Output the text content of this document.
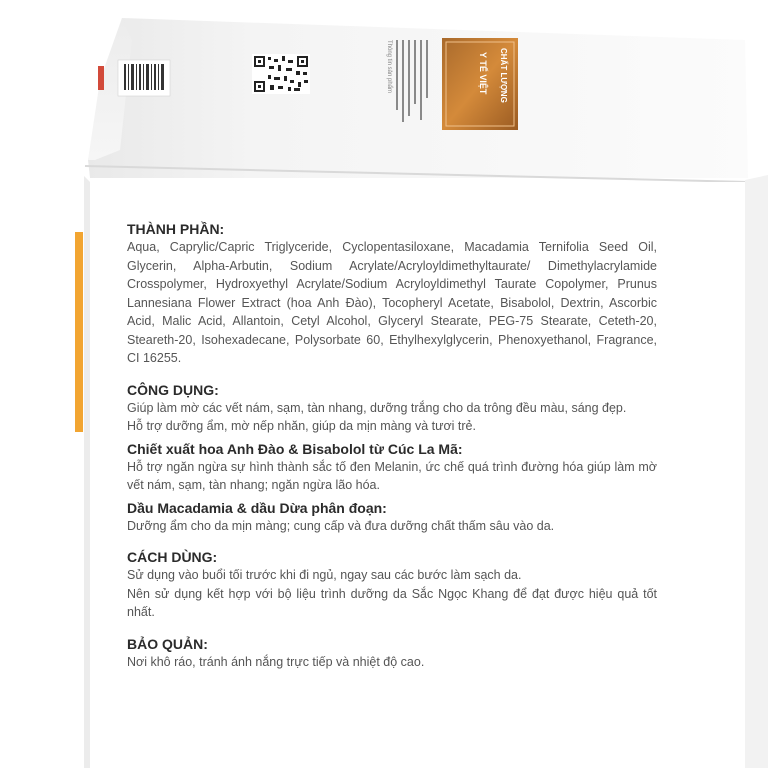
CHẤT LƯỢNG
Y TẾ VIỆT
Thông tin sản phẩm

THÀNH PHẦN:

Aqua, Caprylic/Capric Triglyceride, Cyclopentasiloxane, Macadamia Ternifolia Seed Oil, Glycerin, Alpha-Arbutin, Sodium Acrylate/Acryloyldimethyltaurate/ Dimethylacrylamide Crosspolymer, Hydroxyethyl Acrylate/Sodium Acryloyldimethyl Taurate Copolymer, Prunus Lannesiana Flower Extract (hoa Anh Đào), Tocopheryl Acetate, Bisabolol, Dextrin, Ascorbic Acid, Malic Acid, Allantoin, Cetyl Alcohol, Glyceryl Stearate, PEG-75 Stearate, Ceteth-20, Steareth-20, Isohexadecane, Polysorbate 60, Ethylhexylglycerin, Phenoxyethanol, Fragrance, CI 16255.

CÔNG DỤNG:

Giúp làm mờ các vết nám, sạm, tàn nhang, dưỡng trắng cho da trông đều màu, sáng đẹp.

Hỗ trợ dưỡng ẩm, mờ nếp nhăn, giúp da mịn màng và tươi trẻ.

Chiết xuất hoa Anh Đào & Bisabolol từ Cúc La Mã:

Hỗ trợ ngăn ngừa sự hình thành sắc tố đen Melanin, ức chế quá trình đường hóa giúp làm mờ vết nám, sạm, tàn nhang; ngăn ngừa lão hóa.

Dầu Macadamia & dầu Dừa phân đoạn:

Dưỡng ẩm cho da mịn màng; cung cấp và đưa dưỡng chất thấm sâu vào da.

CÁCH DÙNG:

Sử dụng vào buổi tối trước khi đi ngủ, ngay sau các bước làm sạch da.

Nên sử dụng kết hợp với bộ liệu trình dưỡng da Sắc Ngọc Khang để đạt được hiệu quả tốt nhất.

BẢO QUẢN:

Nơi khô ráo, tránh ánh nắng trực tiếp và nhiệt độ cao.
